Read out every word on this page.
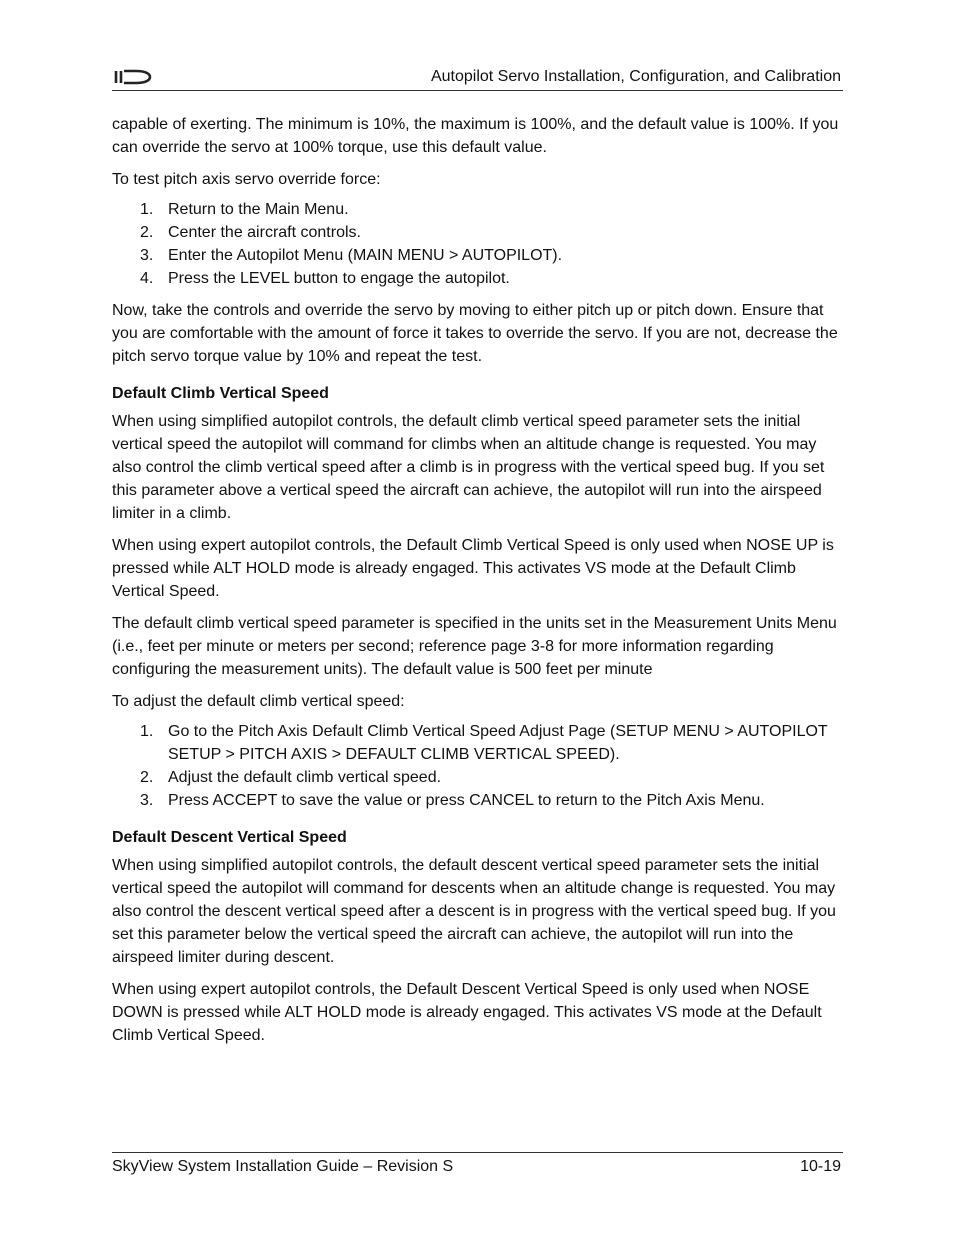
Autopilot Servo Installation, Configuration, and Calibration

capable of exerting. The minimum is 10%, the maximum is 100%, and the default value is 100%. If you can override the servo at 100% torque, use this default value.

To test pitch axis servo override force:

1. Return to the Main Menu.
2. Center the aircraft controls.
3. Enter the Autopilot Menu (MAIN MENU > AUTOPILOT).
4. Press the LEVEL button to engage the autopilot.

Now, take the controls and override the servo by moving to either pitch up or pitch down. Ensure that you are comfortable with the amount of force it takes to override the servo. If you are not, decrease the pitch servo torque value by 10% and repeat the test.

Default Climb Vertical Speed

When using simplified autopilot controls, the default climb vertical speed parameter sets the initial vertical speed the autopilot will command for climbs when an altitude change is requested. You may also control the climb vertical speed after a climb is in progress with the vertical speed bug. If you set this parameter above a vertical speed the aircraft can achieve, the autopilot will run into the airspeed limiter in a climb.

When using expert autopilot controls, the Default Climb Vertical Speed is only used when NOSE UP is pressed while ALT HOLD mode is already engaged. This activates VS mode at the Default Climb Vertical Speed.

The default climb vertical speed parameter is specified in the units set in the Measurement Units Menu (i.e., feet per minute or meters per second; reference page 3-8 for more information regarding configuring the measurement units). The default value is 500 feet per minute

To adjust the default climb vertical speed:

1. Go to the Pitch Axis Default Climb Vertical Speed Adjust Page (SETUP MENU > AUTOPILOT SETUP > PITCH AXIS > DEFAULT CLIMB VERTICAL SPEED).
2. Adjust the default climb vertical speed.
3. Press ACCEPT to save the value or press CANCEL to return to the Pitch Axis Menu.
Default Descent Vertical Speed

When using simplified autopilot controls, the default descent vertical speed parameter sets the initial vertical speed the autopilot will command for descents when an altitude change is requested. You may also control the descent vertical speed after a descent is in progress with the vertical speed bug. If you set this parameter below the vertical speed the aircraft can achieve, the autopilot will run into the airspeed limiter during descent.

When using expert autopilot controls, the Default Descent Vertical Speed is only used when NOSE DOWN is pressed while ALT HOLD mode is already engaged. This activates VS mode at the Default Climb Vertical Speed.

SkyView System Installation Guide – Revision S	10-19
